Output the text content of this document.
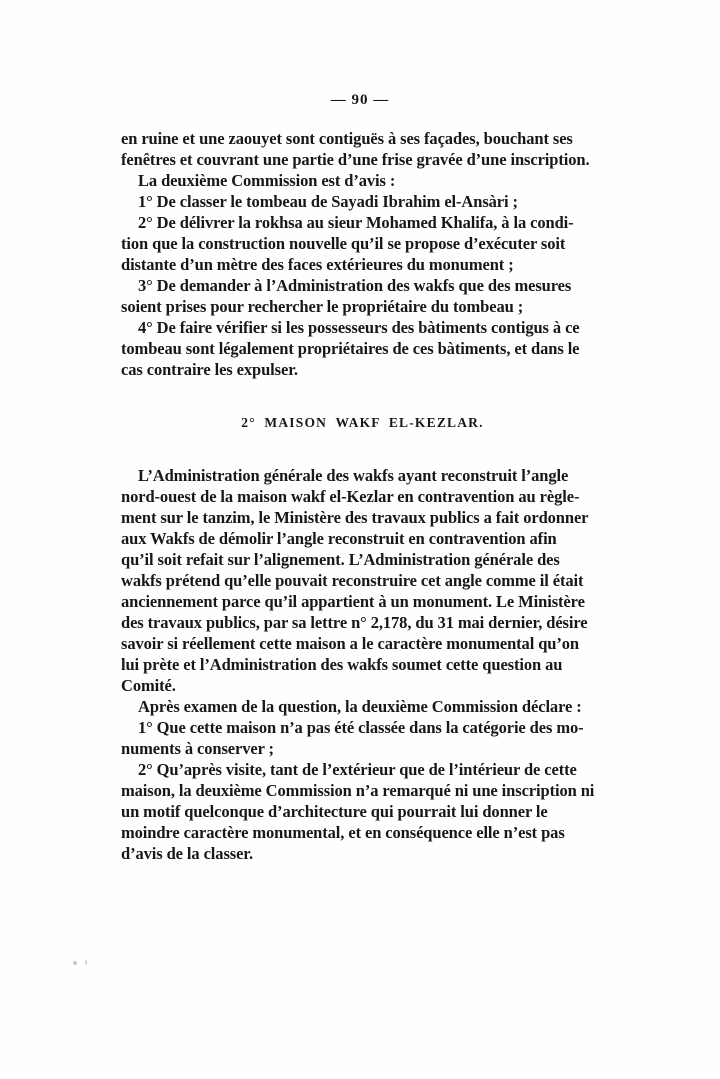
— 90 —

en ruine et une zaouyet sont contiguës à ses façades, bouchant ses
fenêtres et couvrant une partie d’une frise gravée d’une inscription.

La deuxième Commission est d’avis :

1° De classer le tombeau de Sayadi Ibrahim el-Ansàri ;

2° De délivrer la rokhsa au sieur Mohamed Khalifa, à la condi-
tion que la construction nouvelle qu’il se propose d’exécuter soit
distante d’un mètre des faces extérieures du monument ;

3° De demander à l’Administration des wakfs que des mesures
soient prises pour rechercher le propriétaire du tombeau ;

4° De faire vérifier si les possesseurs des bàtiments contigus à ce
tombeau sont légalement propriétaires de ces bàtiments, et dans le
cas contraire les expulser.

2° MAISON WAKF EL-KEZLAR.

L’Administration générale des wakfs ayant reconstruit l’angle
nord-ouest de la maison wakf el-Kezlar en contravention au règle-
ment sur le tanzim, le Ministère des travaux publics a fait ordonner
aux Wakfs de démolir l’angle reconstruit en contravention afin
qu’il soit refait sur l’alignement. L’Administration générale des
wakfs prétend qu’elle pouvait reconstruire cet angle comme il était
anciennement parce qu’il appartient à un monument. Le Ministère
des travaux publics, par sa lettre n° 2,178, du 31 mai dernier, désire
savoir si réellement cette maison a le caractère monumental qu’on
lui prète et l’Administration des wakfs soumet cette question au
Comité.

Après examen de la question, la deuxième Commission déclare :

1° Que cette maison n’a pas été classée dans la catégorie des mo-
numents à conserver ;

2° Qu’après visite, tant de l’extérieur que de l’intérieur de cette
maison, la deuxième Commission n’a remarqué ni une inscription ni
un motif quelconque d’architecture qui pourrait lui donner le
moindre caractère monumental, et en conséquence elle n’est pas
d’avis de la classer.
